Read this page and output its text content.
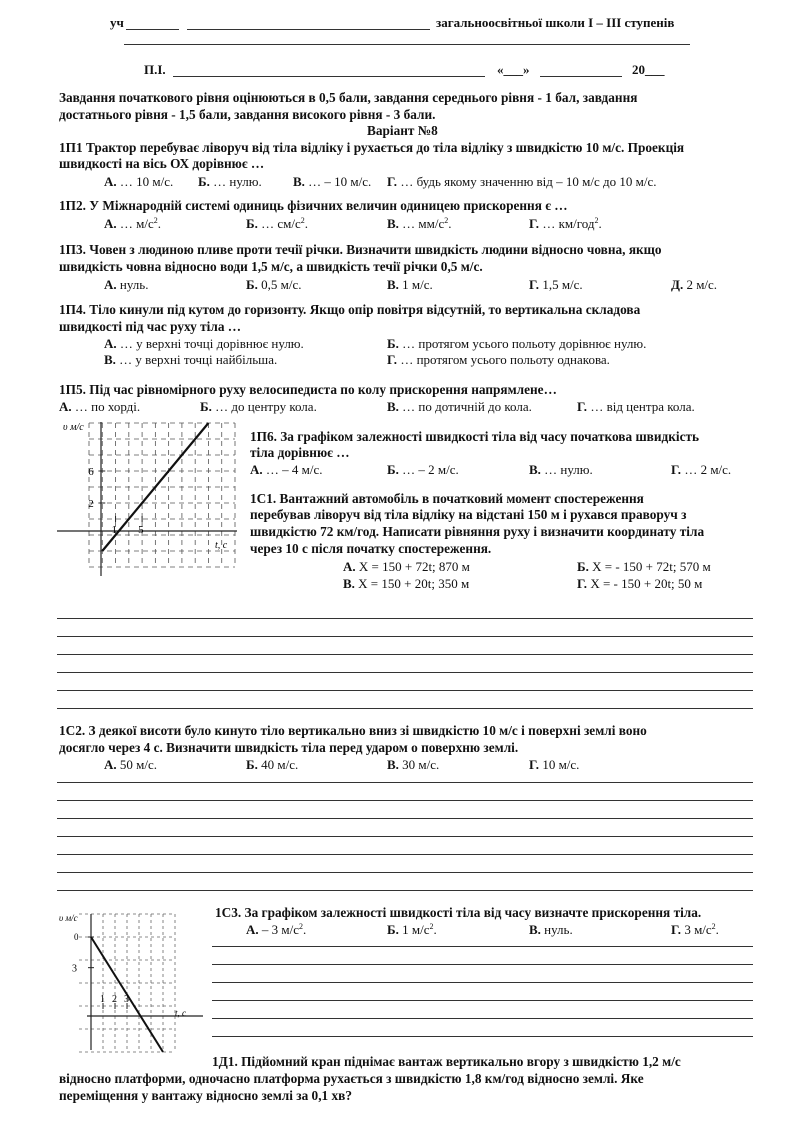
уч	загальноосвітньої школи І – ІІІ ступенів
П.І.	«___»	20___
Завдання початкового рівня оцінюються в 0,5 бали, завдання середнього рівня - 1 бал, завдання
достатнього рівня - 1,5 бали, завдання високого рівня - 3 бали.
Варіант №8
1П1 Трактор перебуває ліворуч від тіла відліку і рухається до тіла відліку з швидкістю 10 м/с. Проекція
швидкості на вісь ОХ дорівнює …
А. … 10 м/с. Б. … нулю. В. … – 10 м/с. Г. … будь якому значенню від – 10 м/с до 10 м/с.
1П2. У Міжнародній системі одиниць фізичних величин одиницею прискорення є …
А. … $м/с^2$.	Б. … $см/с^2$.	В. … $мм/с^2$.	Г. … км/год$^2$.
1П3. Човен з людиною пливе проти течії річки. Визначити швидкість людини відносно човна, якщо
швидкість човна відносно води 1,5 м/с, а швидкість течії річки 0,5 м/с.
А. нуль.	Б. 0,5 м/с.	В. 1 м/с.	Г. 1,5 м/с.	Д. 2 м/с.
1П4. Тіло кинули під кутом до горизонту. Якщо опір повітря відсутній, то вертикальна складова
швидкості під час руху тіла …
А. … у верхні точці дорівнює нулю.	Б. … протягом усього польоту дорівнює нулю.
В. … у верхні точці найбільша.	Г. … протягом усього польоту однакова.
1П5. Під час рівномірного руху велосипедиста по колу прискорення напрямлене…
А. … по хорді.	Б. … до центру кола.	В. … по дотичній до кола.	Г. … від центра кола.
υ м/с
t, с
6
2
1 5
1П6. За графіком залежності швидкості тіла від часу початкова швидкість
тіла дорівнює …
А. … – 4 м/с.	Б. … – 2 м/с.	В. … нулю.	Г. … 2 м/с.
1С1. Вантажний автомобіль в початковий момент спостереження
перебував ліворуч від тіла відліку на відстані 150 м і рухався праворуч з
швидкістю 72 км/год. Написати рівняння руху і визначити координату тіла
через 10 с після початку спостереження.
А. X = 150 + 72t; 870 м	Б. X = - 150 + 72t; 570 м
В. X = 150 + 20t; 350 м	Г. X = - 150 + 20t; 50 м
1С2. З деякої висоти було кинуто тіло вертикально вниз зі швидкістю 10 м/с і поверхні землі воно
досягло через 4 с. Визначити швидкість тіла перед ударом о поверхню землі.
А. 50 м/с.	Б. 40 м/с.	В. 30 м/с.	Г. 10 м/с.
υ м/с
t, с
0
3
1 2 3
1С3. За графіком залежності швидкості тіла від часу визначте прискорення тіла.
А. – 3 $м/с^2$.	Б. 1 $м/с^2$.	В. нуль.	Г. 3 $м/с^2$.
1Д1. Підйомний кран піднімає вантаж вертикально вгору з швидкістю 1,2 м/с
відносно платформи, одночасно платформа рухається з швидкістю 1,8 км/год відносно землі. Яке
переміщення у вантажу відносно землі за 0,1 хв?
